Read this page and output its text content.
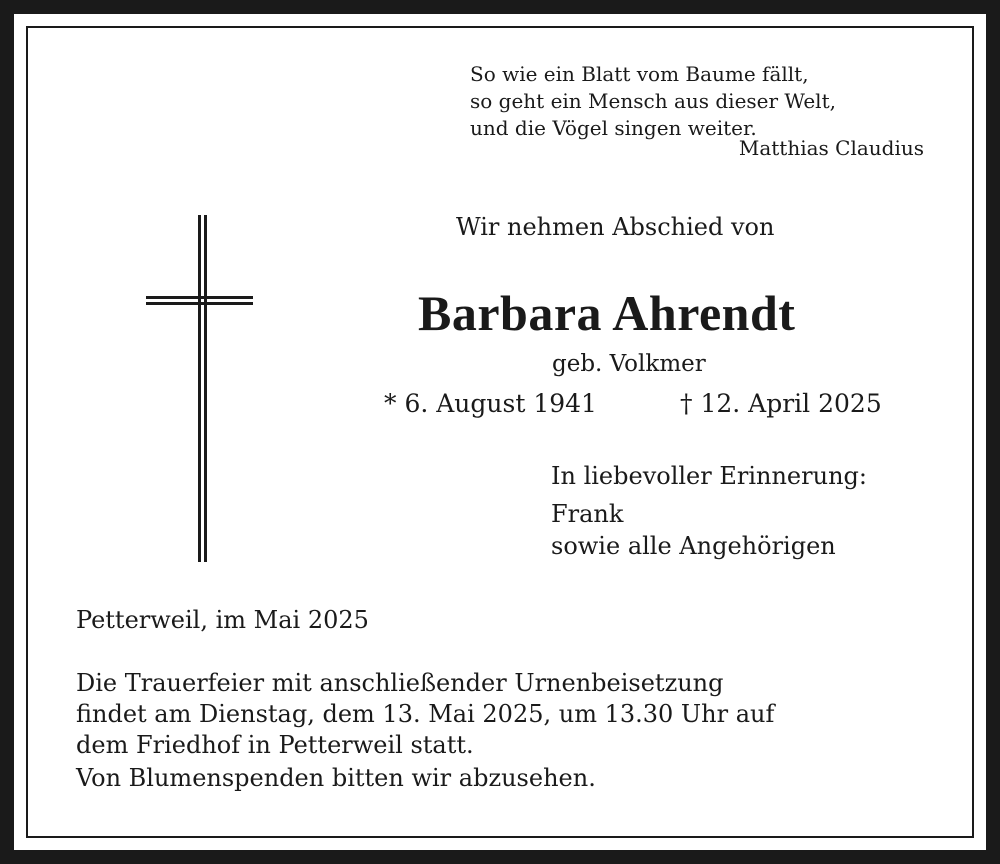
So wie ein Blatt vom Baume fällt,
so geht ein Mensch aus dieser Welt,
und die Vögel singen weiter.
Matthias Claudius
Wir nehmen Abschied von
Barbara Ahrendt
geb. Volkmer
* 6. August 1941	† 12. April 2025
In liebevoller Erinnerung:
Frank
sowie alle Angehörigen
Petterweil, im Mai 2025
Die Trauerfeier mit anschließender Urnenbeisetzung
findet am Dienstag, dem 13. Mai 2025, um 13.30 Uhr auf
dem Friedhof in Petterweil statt.
Von Blumenspenden bitten wir abzusehen.
